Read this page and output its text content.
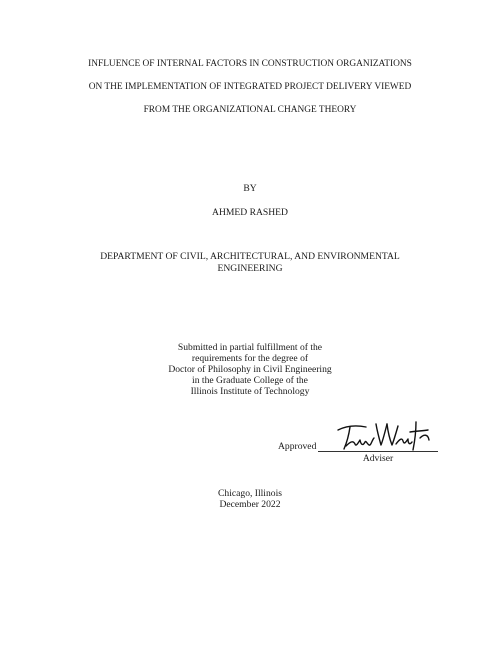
INFLUENCE OF INTERNAL FACTORS IN CONSTRUCTION ORGANIZATIONS
ON THE IMPLEMENTATION OF INTEGRATED PROJECT DELIVERY VIEWED
FROM THE ORGANIZATIONAL CHANGE THEORY
BY
AHMED RASHED
DEPARTMENT OF CIVIL, ARCHITECTURAL, AND ENVIRONMENTAL
ENGINEERING
Submitted in partial fulfillment of the
requirements for the degree of
Doctor of Philosophy in Civil Engineering
in the Graduate College of the
Illinois Institute of Technology
Approved
Adviser
Chicago, Illinois
December 2022
